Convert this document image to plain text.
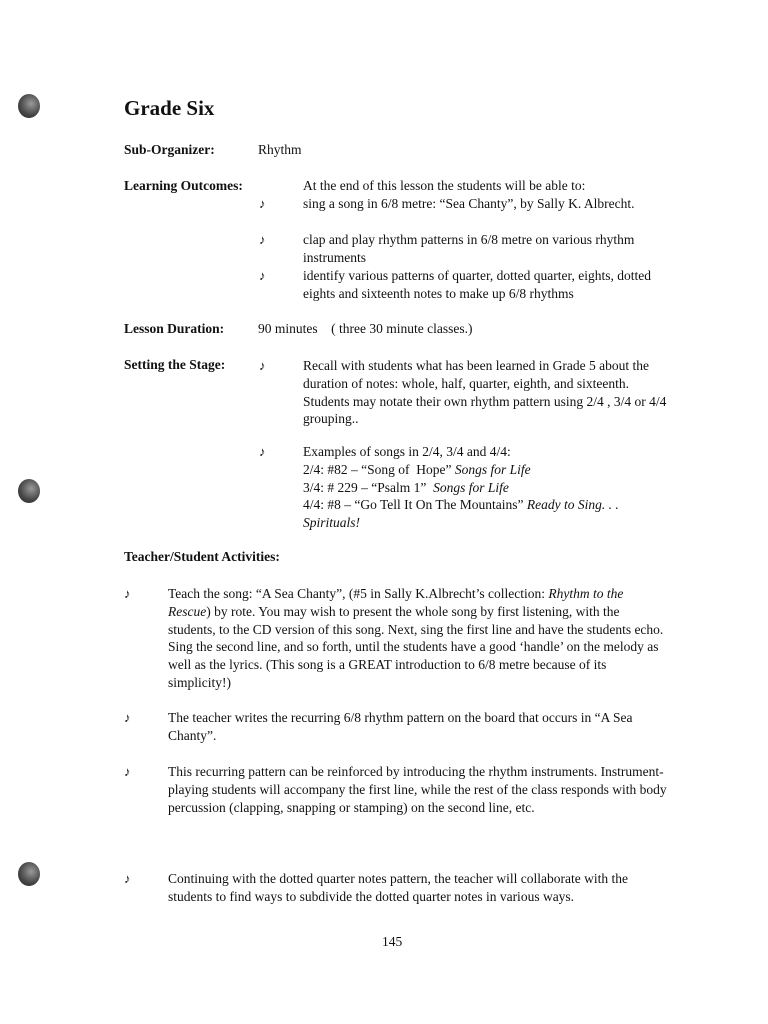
Grade Six
Sub-Organizer:	Rhythm
Learning Outcomes:	At the end of this lesson the students will be able to:
♪	sing a song in 6/8 metre: “Sea Chanty”, by Sally K. Albrecht.
♪	clap and play rhythm patterns in 6/8 metre on various rhythm instruments
♪	identify various patterns of quarter, dotted quarter, eights, dotted eights and sixteenth notes to make up 6/8 rhythms
Lesson Duration:	90 minutes    ( three 30 minute classes.)
Setting the Stage:	♪	Recall with students what has been learned in Grade 5 about the duration of notes: whole, half, quarter, eighth, and sixteenth. Students may notate their own rhythm pattern using 2/4 , 3/4 or 4/4 grouping..
♪	Examples of songs in 2/4, 3/4 and 4/4:
2/4: #82 – “Song of  Hope” Songs for Life
3/4: # 229 – “Psalm 1”  Songs for Life
4/4: #8 – “Go Tell It On The Mountains” Ready to Sing. . . Spirituals!
Teacher/Student Activities:
♪	Teach the song: “A Sea Chanty”, (#5 in Sally K.Albrecht’s collection: Rhythm to the Rescue) by rote. You may wish to present the whole song by first listening, with the students, to the CD version of this song. Next, sing the first line and have the students echo. Sing the second line, and so forth, until the students have a good ‘handle’ on the melody as well as the lyrics. (This song is a GREAT introduction to 6/8 metre because of its simplicity!)
♪	The teacher writes the recurring 6/8 rhythm pattern on the board that occurs in “A Sea Chanty”.
♪	This recurring pattern can be reinforced by introducing the rhythm instruments. Instrument-playing students will accompany the first line, while the rest of the class responds with body percussion (clapping, snapping or stamping) on the second line, etc.
♪	Continuing with the dotted quarter notes pattern, the teacher will collaborate with the students to find ways to subdivide the dotted quarter notes in various ways.
145
